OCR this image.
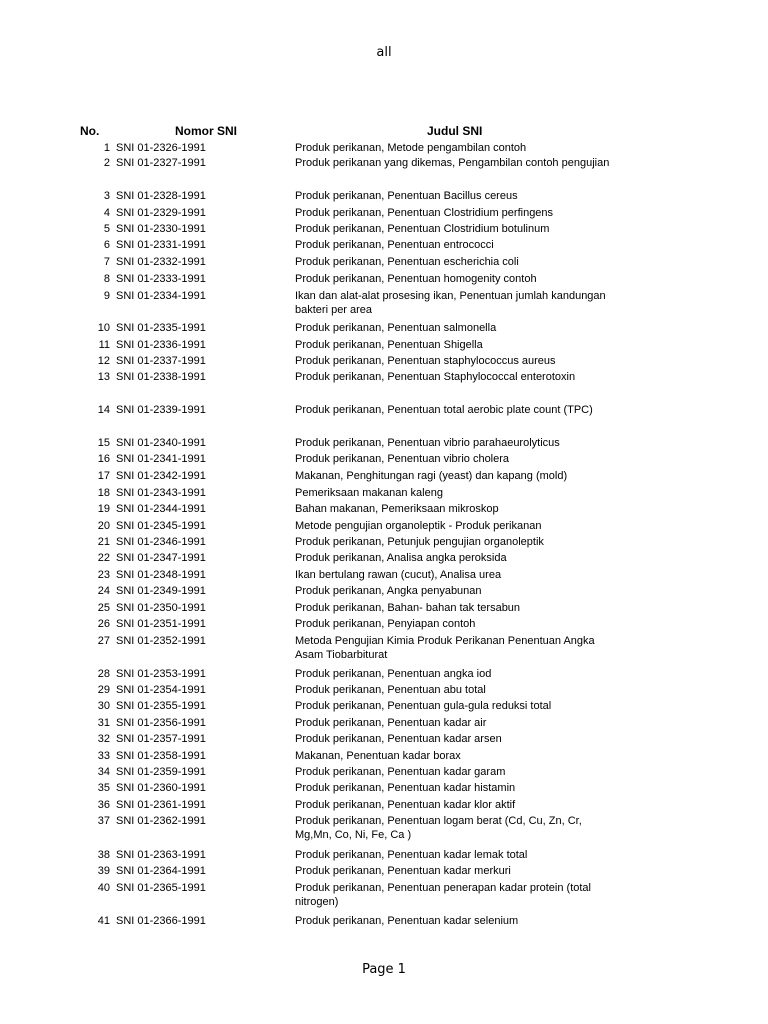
all
No.	Nomor SNI	Judul SNI
1 SNI 01-2326-1991	Produk perikanan, Metode pengambilan contoh
2 SNI 01-2327-1991	Produk perikanan yang dikemas, Pengambilan contoh pengujian
3 SNI 01-2328-1991	Produk perikanan, Penentuan Bacillus cereus
4 SNI 01-2329-1991	Produk perikanan, Penentuan Clostridium perfingens
5 SNI 01-2330-1991	Produk perikanan, Penentuan Clostridium botulinum
6 SNI 01-2331-1991	Produk perikanan, Penentuan entrococci
7 SNI 01-2332-1991	Produk perikanan, Penentuan escherichia coli
8 SNI 01-2333-1991	Produk perikanan, Penentuan homogenity contoh
9 SNI 01-2334-1991	Ikan dan alat-alat prosesing ikan, Penentuan jumlah kandungan bakteri per area
10 SNI 01-2335-1991	Produk perikanan, Penentuan salmonella
11 SNI 01-2336-1991	Produk perikanan, Penentuan Shigella
12 SNI 01-2337-1991	Produk perikanan, Penentuan staphylococcus aureus
13 SNI 01-2338-1991	Produk perikanan, Penentuan Staphylococcal enterotoxin
14 SNI 01-2339-1991	Produk perikanan, Penentuan total aerobic plate count (TPC)
15 SNI 01-2340-1991	Produk perikanan, Penentuan vibrio parahaeurolyticus
16 SNI 01-2341-1991	Produk perikanan, Penentuan vibrio cholera
17 SNI 01-2342-1991	Makanan, Penghitungan ragi (yeast) dan kapang (mold)
18 SNI 01-2343-1991	Pemeriksaan makanan kaleng
19 SNI 01-2344-1991	Bahan makanan, Pemeriksaan mikroskop
20 SNI 01-2345-1991	Metode pengujian organoleptik - Produk perikanan
21 SNI 01-2346-1991	Produk perikanan, Petunjuk pengujian organoleptik
22 SNI 01-2347-1991	Produk perikanan, Analisa angka peroksida
23 SNI 01-2348-1991	Ikan bertulang rawan (cucut), Analisa urea
24 SNI 01-2349-1991	Produk perikanan, Angka penyabunan
25 SNI 01-2350-1991	Produk perikanan, Bahan- bahan tak tersabun
26 SNI 01-2351-1991	Produk perikanan, Penyiapan contoh
27 SNI 01-2352-1991	Metoda Pengujian Kimia Produk Perikanan Penentuan Angka Asam Tiobarbiturat
28 SNI 01-2353-1991	Produk perikanan, Penentuan angka iod
29 SNI 01-2354-1991	Produk perikanan, Penentuan abu total
30 SNI 01-2355-1991	Produk perikanan, Penentuan gula-gula reduksi total
31 SNI 01-2356-1991	Produk perikanan, Penentuan kadar air
32 SNI 01-2357-1991	Produk perikanan, Penentuan kadar arsen
33 SNI 01-2358-1991	Makanan, Penentuan kadar borax
34 SNI 01-2359-1991	Produk perikanan, Penentuan kadar garam
35 SNI 01-2360-1991	Produk perikanan, Penentuan kadar histamin
36 SNI 01-2361-1991	Produk perikanan, Penentuan kadar klor aktif
37 SNI 01-2362-1991	Produk perikanan, Penentuan logam berat (Cd, Cu, Zn, Cr, Mg,Mn, Co, Ni, Fe, Ca )
38 SNI 01-2363-1991	Produk perikanan, Penentuan kadar lemak total
39 SNI 01-2364-1991	Produk perikanan, Penentuan kadar merkuri
40 SNI 01-2365-1991	Produk perikanan, Penentuan penerapan kadar protein (total nitrogen)
41 SNI 01-2366-1991	Produk perikanan, Penentuan kadar selenium
Page 1
